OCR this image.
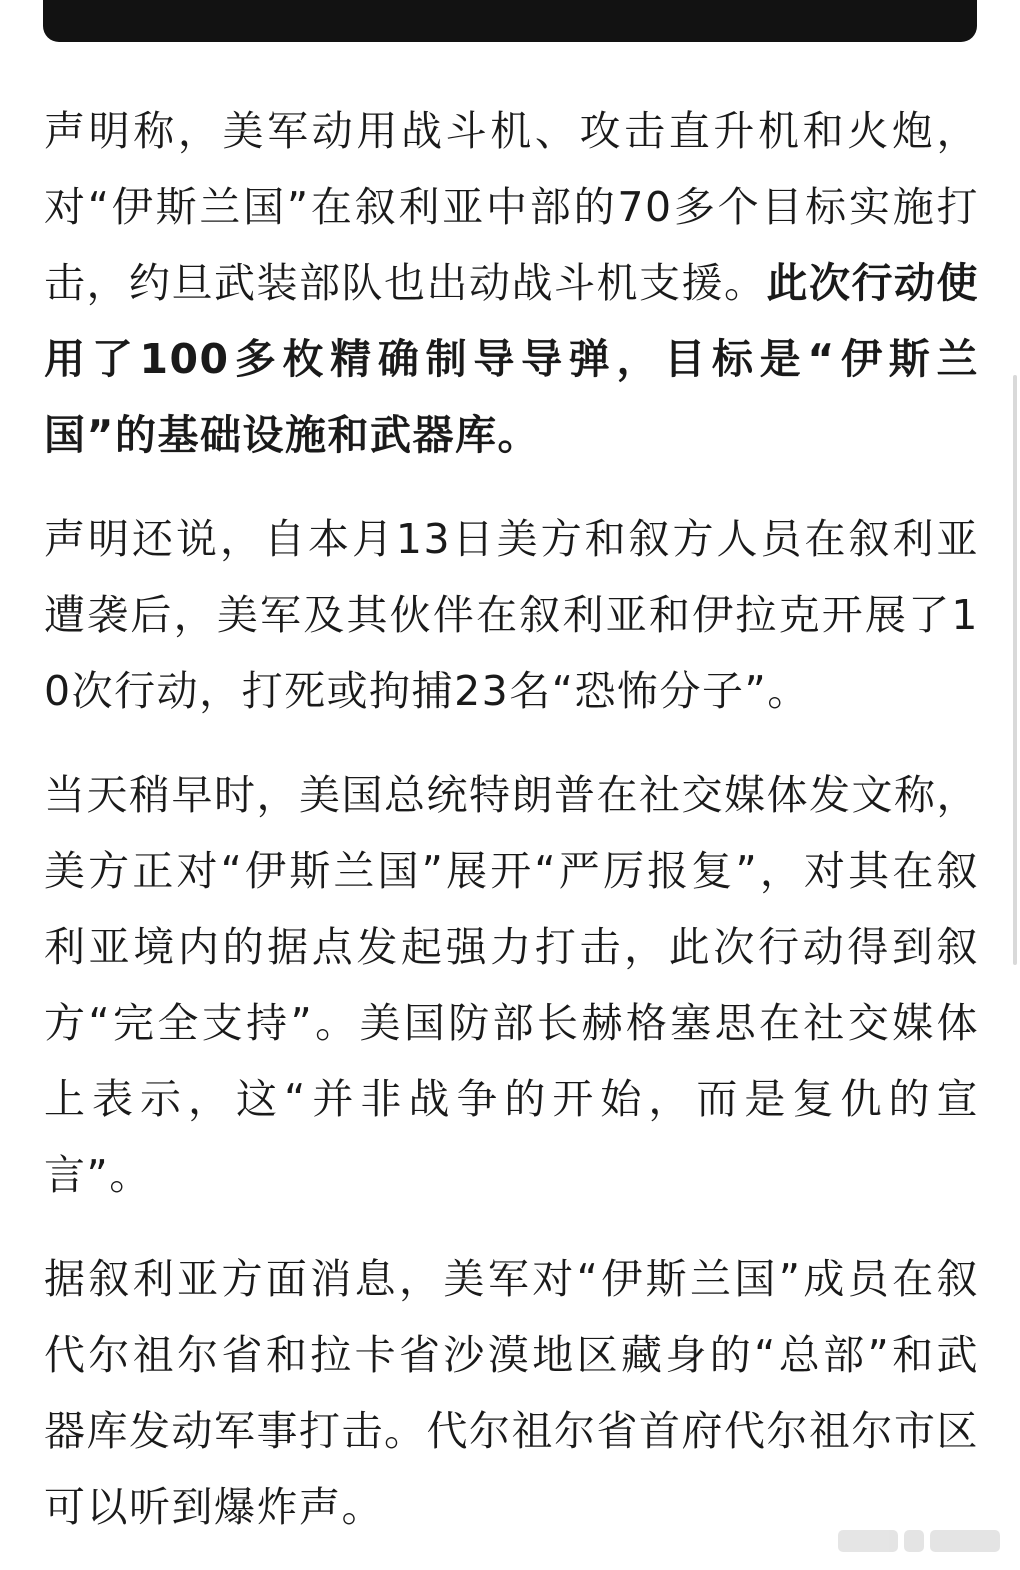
声明称，美军动用战斗机、攻击直升机和火炮，对“伊斯兰国”在叙利亚中部的70多个目标实施打击，约旦武装部队也出动战斗机支援。此次行动使用了100多枚精确制导导弹，目标是“伊斯兰国”的基础设施和武器库。

声明还说，自本月13日美方和叙方人员在叙利亚遭袭后，美军及其伙伴在叙利亚和伊拉克开展了10次行动，打死或拘捕23名“恐怖分子”。

当天稍早时，美国总统特朗普在社交媒体发文称，美方正对“伊斯兰国”展开“严厉报复”，对其在叙利亚境内的据点发起强力打击，此次行动得到叙方“完全支持”。美国防部长赫格塞思在社交媒体上表示，这“并非战争的开始，而是复仇的宣言”。

据叙利亚方面消息，美军对“伊斯兰国”成员在叙代尔祖尔省和拉卡省沙漠地区藏身的“总部”和武器库发动军事打击。代尔祖尔省首府代尔祖尔市区可以听到爆炸声。
